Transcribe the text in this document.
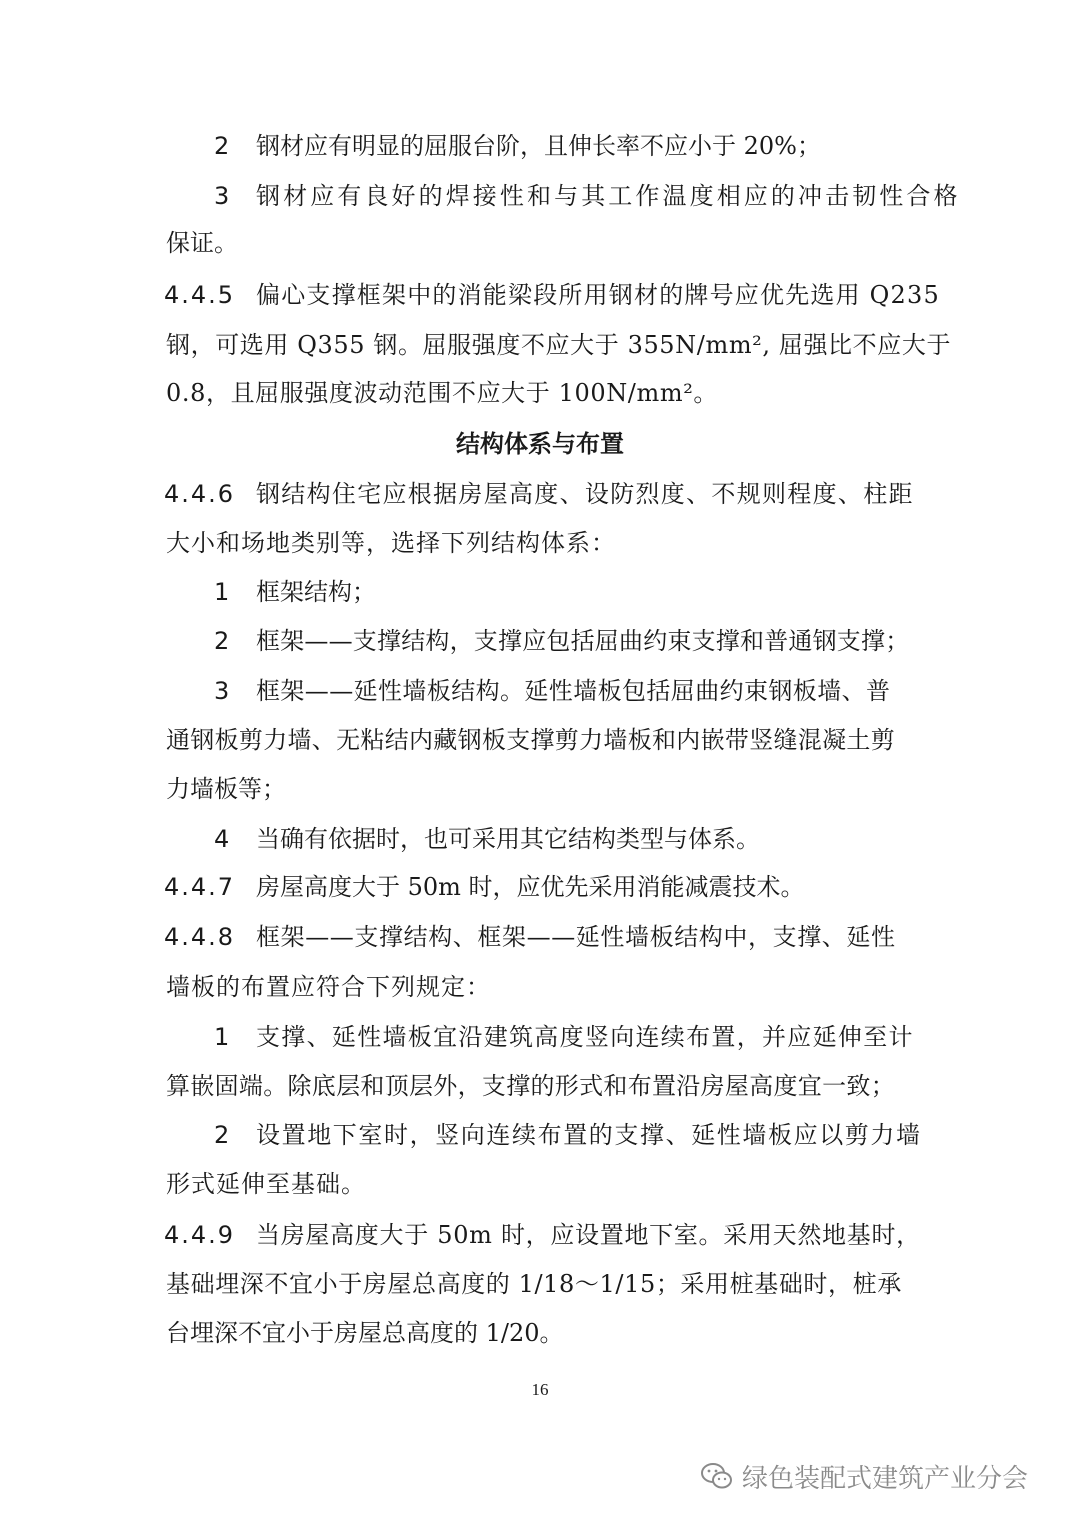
2 钢材应有明显的屈服台阶，且伸长率不应小于 20%；
3 钢材应有良好的焊接性和与其工作温度相应的冲击韧性合格
保证。
4.4.5 偏心支撑框架中的消能梁段所用钢材的牌号应优先选用 Q235
钢，可选用 Q355 钢。屈服强度不应大于 355N/mm², 屈强比不应大于
0.8，且屈服强度波动范围不应大于 100N/mm²。
结构体系与布置
4.4.6 钢结构住宅应根据房屋高度、设防烈度、不规则程度、柱距
大小和场地类别等，选择下列结构体系：
1 框架结构；
2 框架——支撑结构，支撑应包括屈曲约束支撑和普通钢支撑；
3 框架——延性墙板结构。延性墙板包括屈曲约束钢板墙、普
通钢板剪力墙、无粘结内藏钢板支撑剪力墙板和内嵌带竖缝混凝土剪
力墙板等；
4 当确有依据时，也可采用其它结构类型与体系。
4.4.7 房屋高度大于 50m 时，应优先采用消能减震技术。
4.4.8 框架——支撑结构、框架——延性墙板结构中，支撑、延性
墙板的布置应符合下列规定：
1 支撑、延性墙板宜沿建筑高度竖向连续布置，并应延伸至计
算嵌固端。除底层和顶层外，支撑的形式和布置沿房屋高度宜一致；
2 设置地下室时，竖向连续布置的支撑、延性墙板应以剪力墙
形式延伸至基础。
4.4.9 当房屋高度大于 50m 时，应设置地下室。采用天然地基时，
基础埋深不宜小于房屋总高度的 1/18～1/15；采用桩基础时，桩承
台埋深不宜小于房屋总高度的 1/20。
16
绿色装配式建筑产业分会
